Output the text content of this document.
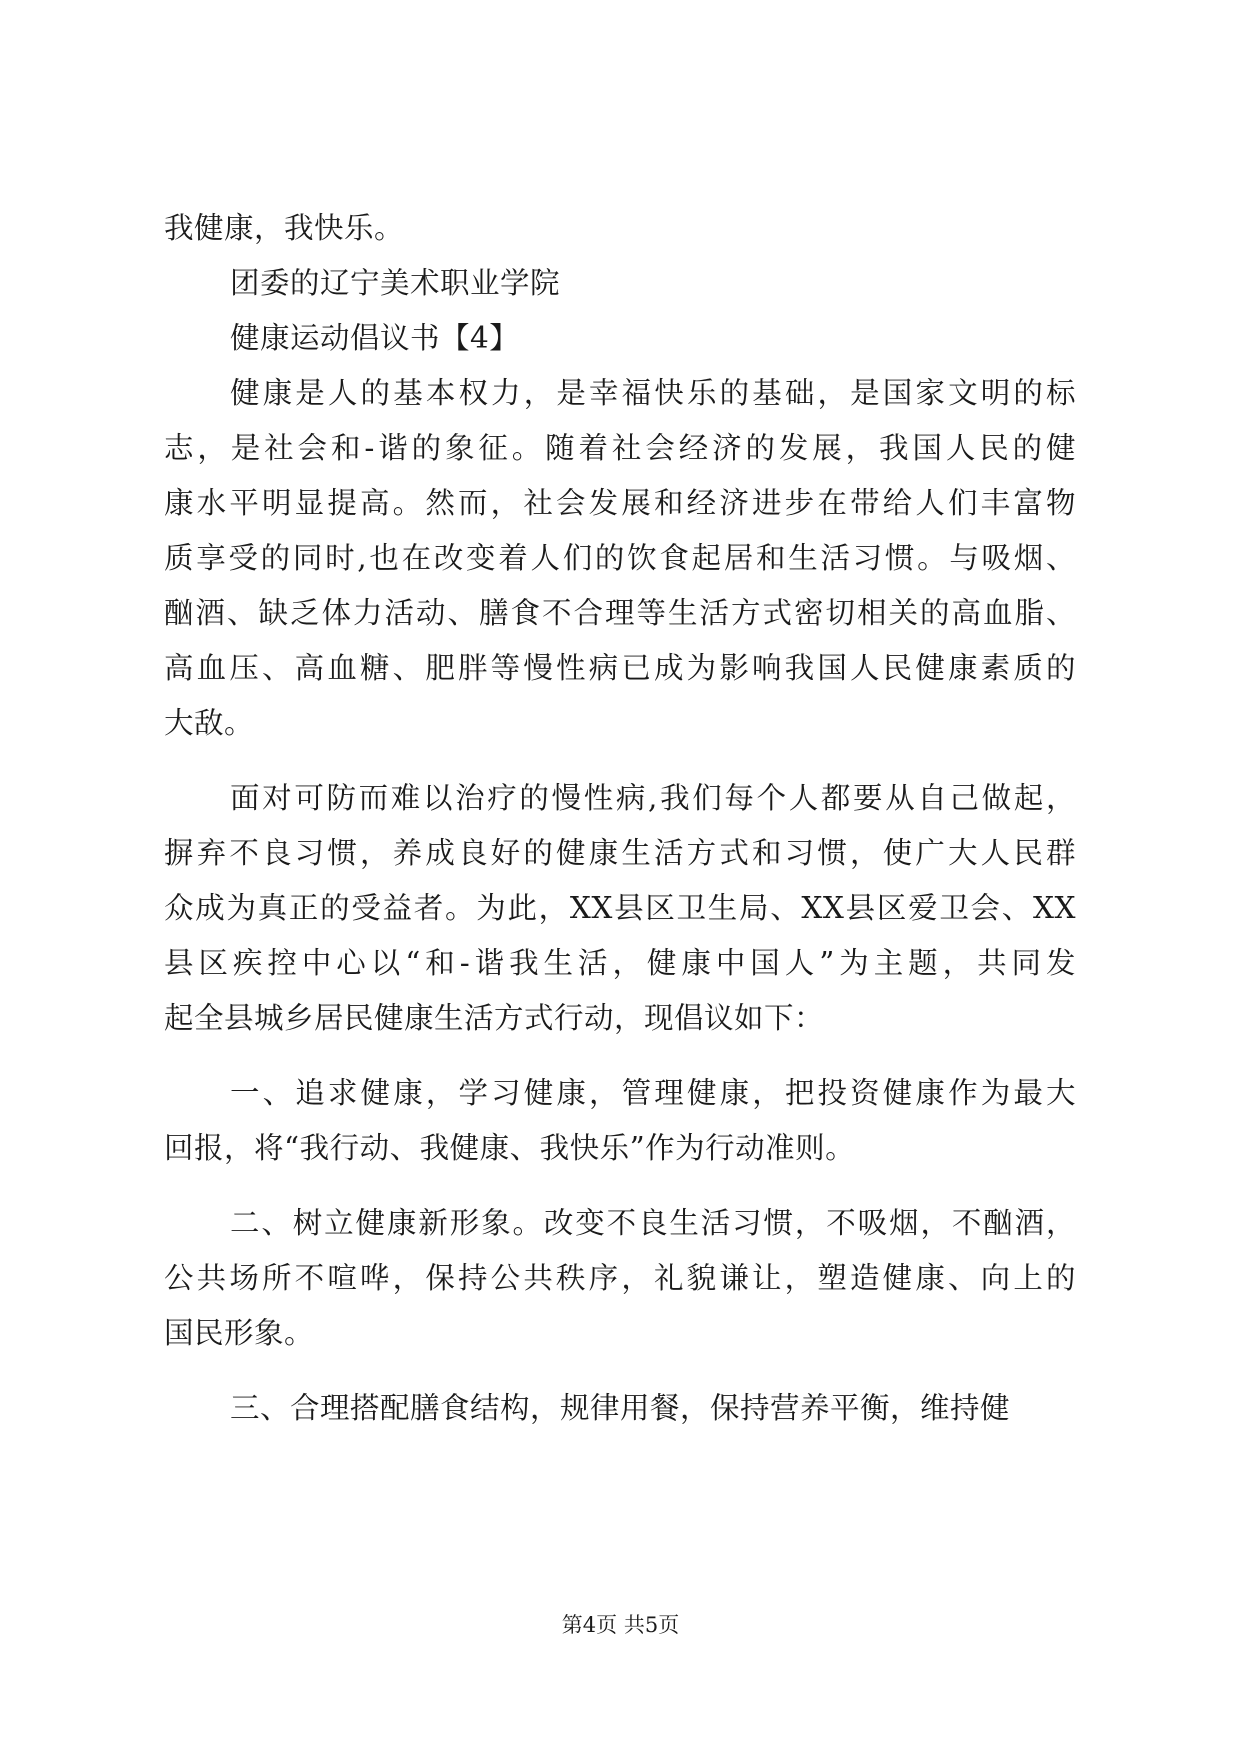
我健康，我快乐。
团委的辽宁美术职业学院
健康运动倡议书【4】
健康是人的基本权力，是幸福快乐的基础，是国家文明的标
志，是社会和-谐的象征。随着社会经济的发展，我国人民的健
康水平明显提高。然而，社会发展和经济进步在带给人们丰富物
质享受的同时,也在改变着人们的饮食起居和生活习惯。与吸烟、
酗酒、缺乏体力活动、膳食不合理等生活方式密切相关的高血脂、
高血压、高血糖、肥胖等慢性病已成为影响我国人民健康素质的
大敌。
面对可防而难以治疗的慢性病,我们每个人都要从自己做起，
摒弃不良习惯，养成良好的健康生活方式和习惯，使广大人民群
众成为真正的受益者。为此，XX县区卫生局、XX县区爱卫会、XX
县区疾控中心以“和-谐我生活，健康中国人”为主题，共同发
起全县城乡居民健康生活方式行动，现倡议如下：
一、追求健康，学习健康，管理健康，把投资健康作为最大
回报，将“我行动、我健康、我快乐”作为行动准则。
二、树立健康新形象。改变不良生活习惯，不吸烟，不酗酒，
公共场所不喧哗，保持公共秩序，礼貌谦让，塑造健康、向上的
国民形象。
三、合理搭配膳食结构，规律用餐，保持营养平衡，维持健
第4页 共5页
